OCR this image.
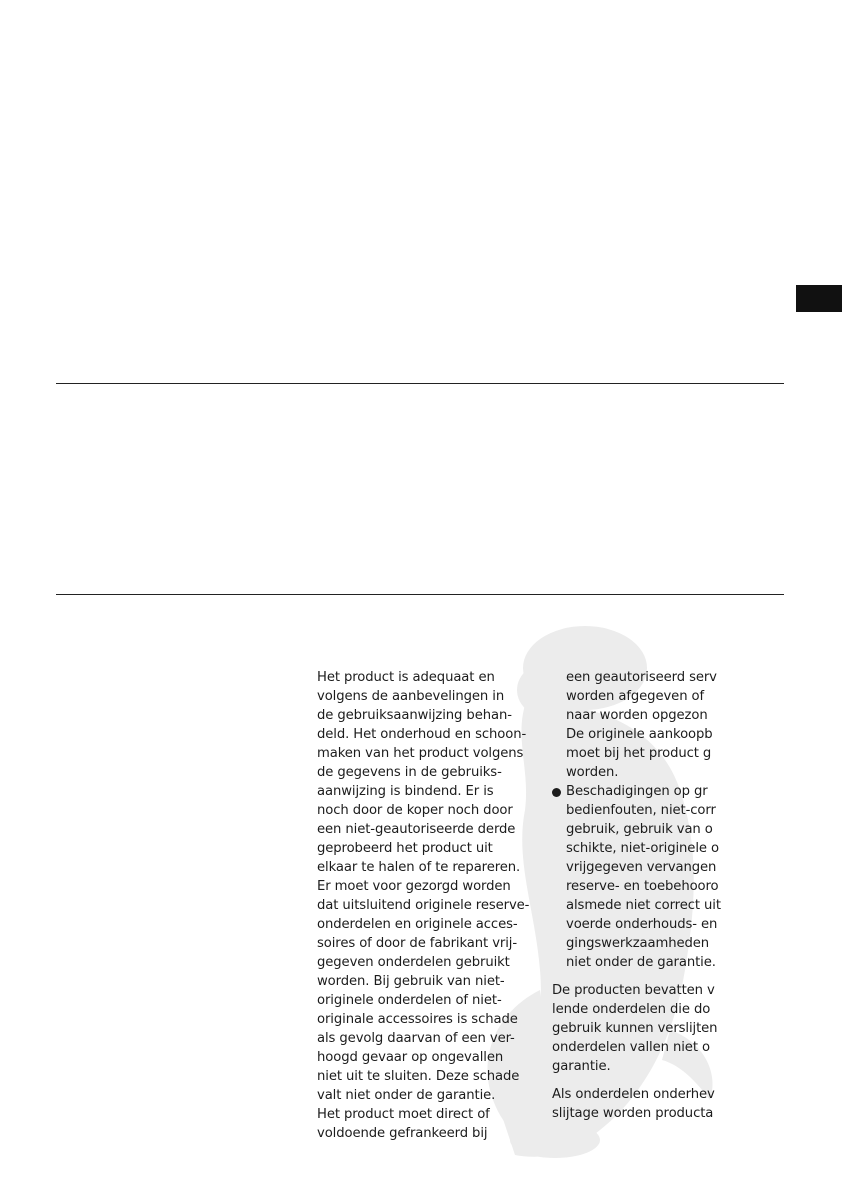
Het product is adequaat en
volgens de aanbevelingen in
de gebruiksaanwijzing behan-
deld. Het onderhoud en schoon-
maken van het product volgens
de gegevens in de gebruiks-
aanwijzing is bindend. Er is
noch door de koper noch door
een niet-geautoriseerde derde
geprobeerd het product uit
elkaar te halen of te repareren.
Er moet voor gezorgd worden
dat uitsluitend originele reserve-
onderdelen en originele acces-
soires of door de fabrikant vrij-
gegeven onderdelen gebruikt
worden. Bij gebruik van niet-
originele onderdelen of niet-
originale accessoires is schade
als gevolg daarvan of een ver-
hoogd gevaar op ongevallen
niet uit te sluiten. Deze schade
valt niet onder de garantie.
Het product moet direct of
voldoende gefrankeerd bij
een geautoriseerd serv
worden afgegeven of
naar worden opgezon
De originele aankoopb
moet bij het product g
worden.
Beschadigingen op gr
bedienfouten, niet-corr
gebruik, gebruik van o
schikte, niet-originele o
vrijgegeven vervangen
reserve- en toebehooro
alsmede niet correct uit
voerde onderhouds- en
gingswerkzaamheden
niet onder de garantie.
De producten bevatten v
lende onderdelen die do
gebruik kunnen verslijten
onderdelen vallen niet o
garantie.
Als onderdelen onderhev
slijtage worden producta
